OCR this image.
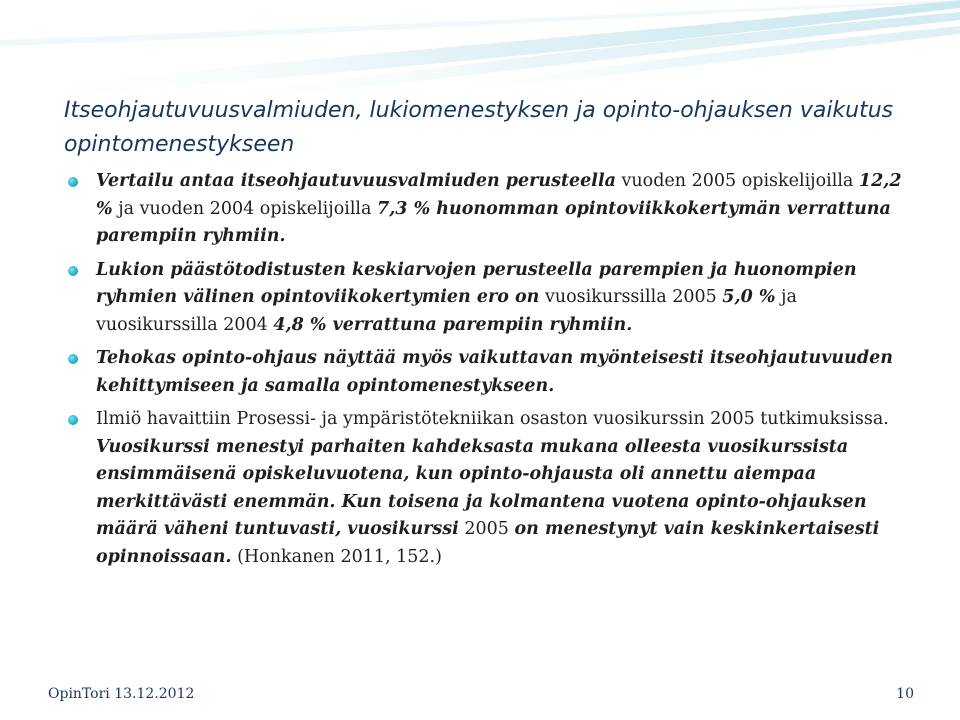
Itseohjautuvuusvalmiuden, lukiomenestyksen ja opinto-ohjauksen vaikutus opintomenestykseen
Vertailu antaa itseohjautuvuusvalmiuden perusteella vuoden 2005 opiskelijoilla 12,2 % ja vuoden 2004 opiskelijoilla 7,3 % huonomman opintoviikkokertymän verrattuna parempiin ryhmiin.
Lukion päästötodistusten keskiarvojen perusteella parempien ja huonompien ryhmien välinen opintoviikokertymien ero on vuosikurssilla 2005 5,0 % ja vuosikurssilla 2004 4,8 % verrattuna parempiin ryhmiin.
Tehokas opinto-ohjaus näyttää myös vaikuttavan myönteisesti itseohjautuvuuden kehittymiseen ja samalla opintomenestykseen.
Ilmiö havaittiin Prosessi- ja ympäristötekniikan osaston vuosikurssin 2005 tutkimuksissa. Vuosikurssi menestyi parhaiten kahdeksasta mukana olleesta vuosikurssista ensimmäisenä opiskeluvuotena, kun opinto-ohjausta oli annettu aiempaa merkittävästi enemmän. Kun toisena ja kolmantena vuotena opinto-ohjauksen määrä väheni tuntuvasti, vuosikurssi 2005 on menestynyt vain keskinkertaisesti opinnoissaan. (Honkanen 2011, 152.)
OpinTori 13.12.2012	10
